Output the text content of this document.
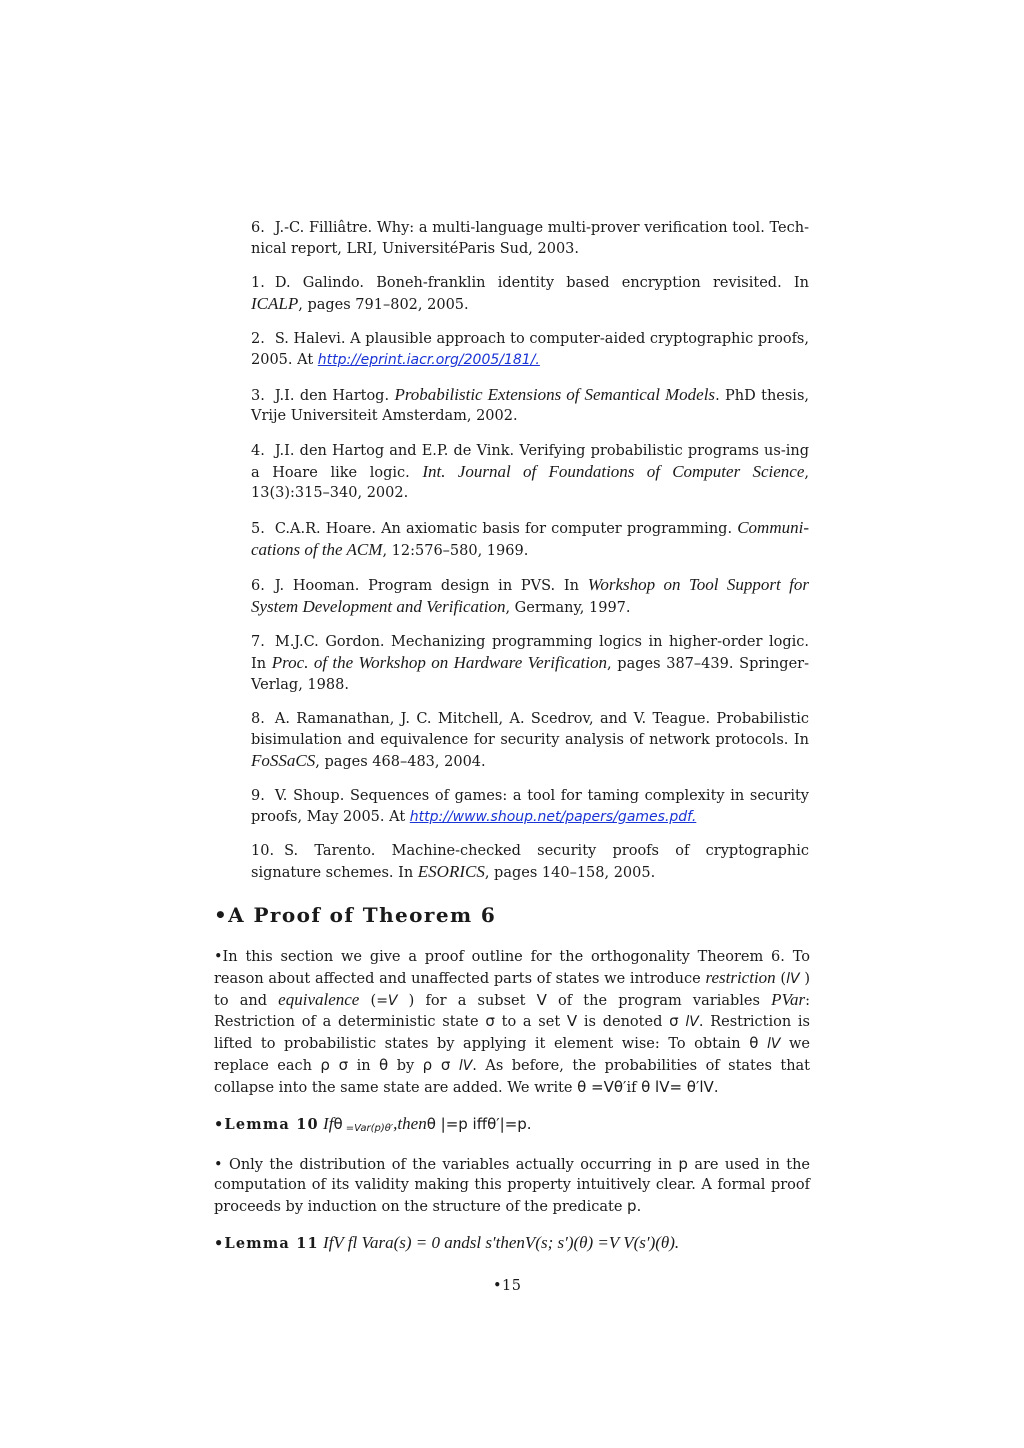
6. J.-C. Filliâtre. Why: a multi-language multi-prover verification tool. Tech-nical report, LRI, UniversitéParis Sud, 2003.

1. D. Galindo. Boneh-franklin identity based encryption revisited. In ICALP, pages 791–802, 2005.

2. S. Halevi. A plausible approach to computer-aided cryptographic proofs, 2005. At http://eprint.iacr.org/2005/181/.

3. J.I. den Hartog. Probabilistic Extensions of Semantical Models. PhD thesis, Vrije Universiteit Amsterdam, 2002.

4. J.I. den Hartog and E.P. de Vink. Verifying probabilistic programs us-ing a Hoare like logic. Int. Journal of Foundations of Computer Science, 13(3):315–340, 2002.

5. C.A.R. Hoare. An axiomatic basis for computer programming. Communi-cations of the ACM, 12:576–580, 1969.

6. J. Hooman. Program design in PVS. In Workshop on Tool Support for System Development and Verification, Germany, 1997.

7. M.J.C. Gordon. Mechanizing programming logics in higher-order logic. In Proc. of the Workshop on Hardware Verification, pages 387–439. Springer-Verlag, 1988.

8. A. Ramanathan, J. C. Mitchell, A. Scedrov, and V. Teague. Probabilistic bisimulation and equivalence for security analysis of network protocols. In FoSSaCS, pages 468–483, 2004.

9. V. Shoup. Sequences of games: a tool for taming complexity in security proofs, May 2005. At http://www.shoup.net/papers/games.pdf.

10. S. Tarento. Machine-checked security proofs of cryptographic signature schemes. In ESORICS, pages 140–158, 2005.

•A Proof of Theorem 6

•In this section we give a proof outline for the orthogonality Theorem 6. To reason about affected and unaffected parts of states we introduce restriction (lV ) to and equivalence (=V ) for a subset V of the program variables PVar: Restriction of a deterministic state σ to a set V is denoted σ lV. Restriction is lifted to probabilistic states by applying it element wise: To obtain θ lV we replace each ρ σ in θ by ρ σ lV. As before, the probabilities of states that collapse into the same state are added. We write θ =Vθ′if θ lV= θ′lV.

•Lemma 10 Ifθ $_{=Var(p)\theta'}$,thenθ |=p iffθ′|=p.

• Only the distribution of the variables actually occurring in p are used in the computation of its validity making this property intuitively clear. A formal proof proceeds by induction on the structure of the predicate p.

•Lemma 11 IfV fl Vara(s) = 0 andsl s′thenV(s; s′)(θ) =V V(s′)(θ).

•15
